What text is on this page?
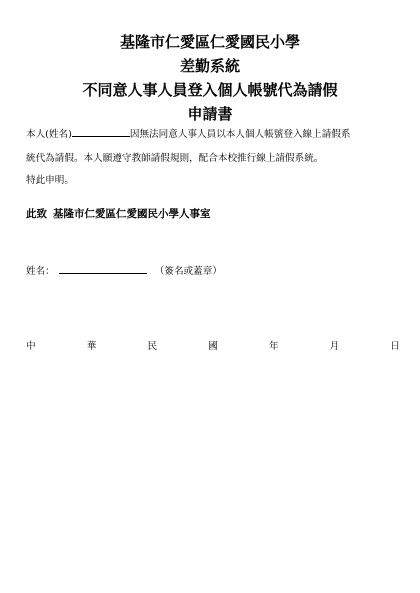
基隆市仁愛區仁愛國民小學
差勤系統
不同意人事人員登入個人帳號代為請假
申請書
本人(姓名)	因無法同意人事人員以本人個人帳號登入線上請假系
統代為請假。本人願遵守教師請假規則，配合本校推行線上請假系統。
特此申明。
此致 基隆市仁愛區仁愛國民小學人事室
姓名：	（簽名或蓋章）
中	華	民	國	年	月	日
